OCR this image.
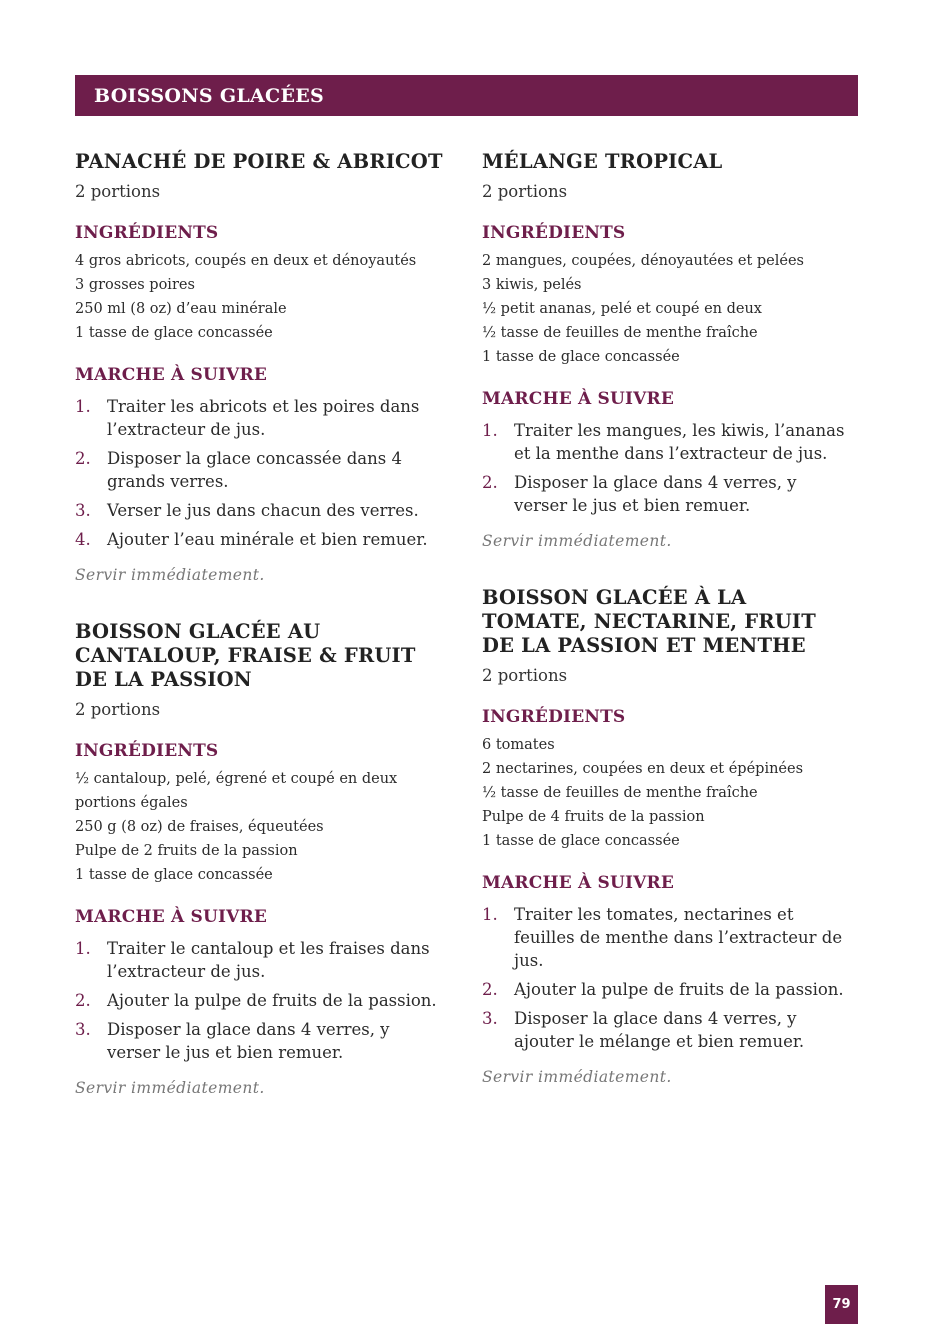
BOISSONS GLACÉES
PANACHÉ DE POIRE & ABRICOT
2 portions
INGRÉDIENTS
4 gros abricots, coupés en deux et dénoyautés
3 grosses poires
250 ml (8 oz) d’eau minérale
1 tasse de glace concassée
MARCHE À SUIVRE
1. Traiter les abricots et les poires dans l’extracteur de jus.
2. Disposer la glace concassée dans 4 grands verres.
3. Verser le jus dans chacun des verres.
4. Ajouter l’eau minérale et bien remuer.
Servir immédiatement.
BOISSON GLACÉE AU CANTALOUP, FRAISE & FRUIT DE LA PASSION
2 portions
INGRÉDIENTS
½ cantaloup, pelé, égrené et coupé en deux portions égales
250 g (8 oz) de fraises, équeutées
Pulpe de 2 fruits de la passion
1 tasse de glace concassée
MARCHE À SUIVRE
1. Traiter le cantaloup et les fraises dans l’extracteur de jus.
2. Ajouter la pulpe de fruits de la passion.
3. Disposer la glace dans 4 verres, y verser le jus et bien remuer.
Servir immédiatement.
MÉLANGE TROPICAL
2 portions
INGRÉDIENTS
2 mangues, coupées, dénoyautées et pelées
3 kiwis, pelés
½ petit ananas, pelé et coupé en deux
½ tasse de feuilles de menthe fraîche
1 tasse de glace concassée
MARCHE À SUIVRE
1. Traiter les mangues, les kiwis, l’ananas et la menthe dans l’extracteur de jus.
2. Disposer la glace dans 4 verres, y verser le jus et bien remuer.
Servir immédiatement.
BOISSON GLACÉE À LA TOMATE, NECTARINE, FRUIT DE LA PASSION ET MENTHE
2 portions
INGRÉDIENTS
6 tomates
2 nectarines, coupées en deux et épépinées
½ tasse de feuilles de menthe fraîche
Pulpe de 4 fruits de la passion
1 tasse de glace concassée
MARCHE À SUIVRE
1. Traiter les tomates, nectarines et feuilles de menthe dans l’extracteur de jus.
2. Ajouter la pulpe de fruits de la passion.
3. Disposer la glace dans 4 verres, y ajouter le mélange et bien remuer.
Servir immédiatement.
79
